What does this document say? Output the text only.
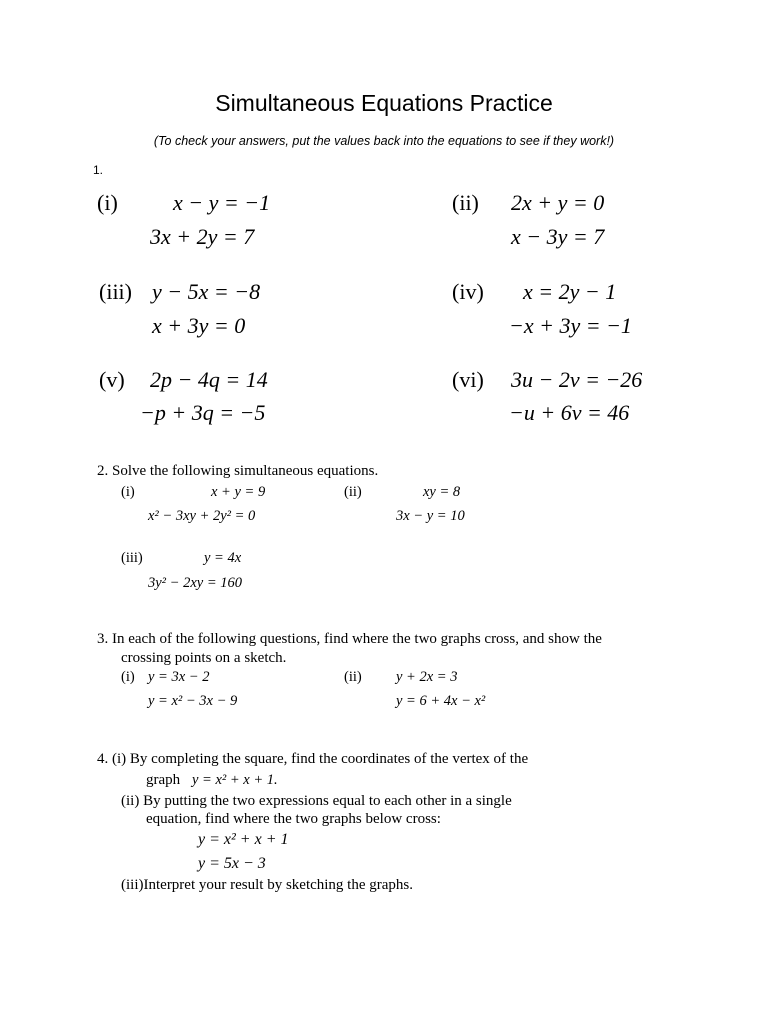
Simultaneous Equations Practice
(To check your answers, put the values back into the equations to see if they work!)
1.
(i)	x − y = −1
3x + 2y = 7
(ii) 2x + y = 0
x − 3y = 7
(iii) y − 5x = −8
x + 3y = 0
(iv) x = 2y − 1
−x + 3y = −1
(v) 2p − 4q = 14
−p + 3q = −5
(vi) 3u − 2v = −26
−u + 6v = 46
2. Solve the following simultaneous equations.
(i)	x + y = 9
x² − 3xy + 2y² = 0
(ii)	xy = 8
3x − y = 10
(iii)	y = 4x
3y² − 2xy = 160
3. In each of the following questions, find where the two graphs cross, and show the
crossing points on a sketch.
(i) y = 3x − 2
y = x² − 3x − 9
(ii) y + 2x = 3
y = 6 + 4x − x²
4. (i) By completing the square, find the coordinates of the vertex of the
graph y = x² + x + 1.
(ii) By putting the two expressions equal to each other in a single
equation, find where the two graphs below cross:
y = x² + x + 1
y = 5x − 3
(iii)Interpret your result by sketching the graphs.
